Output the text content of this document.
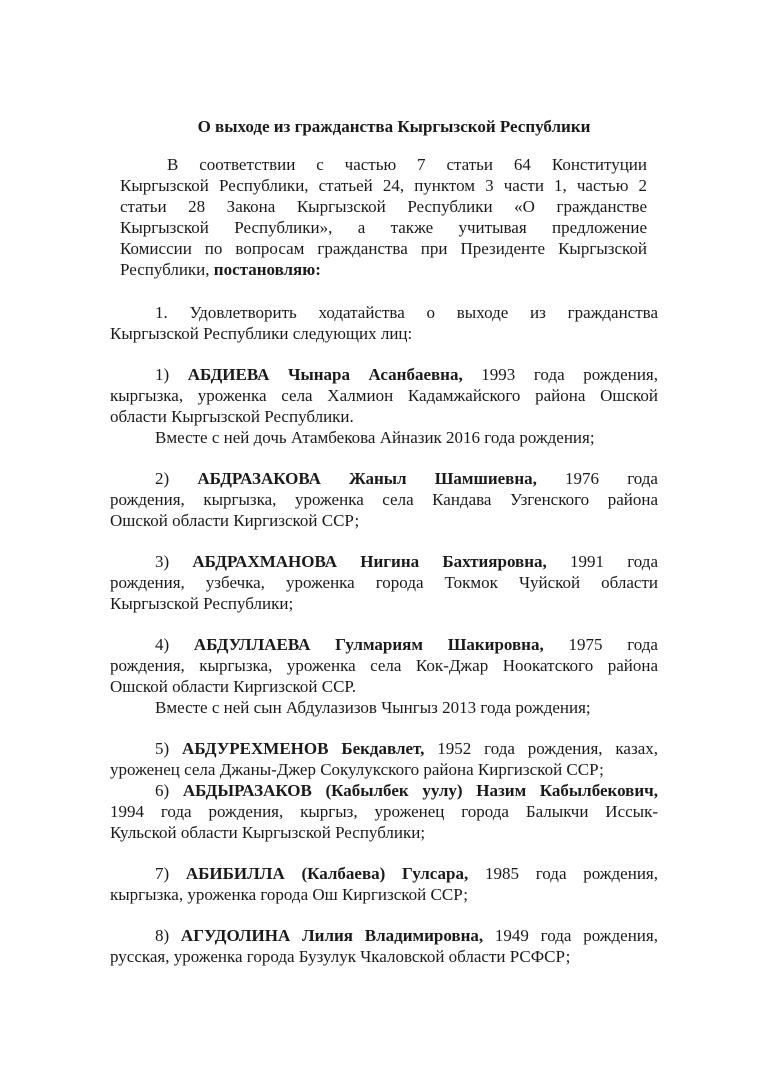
О выходе из гражданства Кыргызской Республики
В соответствии с частью 7 статьи 64 Конституции
Кыргызской Республики, статьей 24, пунктом 3 части 1, частью 2
статьи 28 Закона Кыргызской Республики «О гражданстве
Кыргызской Республики», а также учитывая предложение
Комиссии по вопросам гражданства при Президенте Кыргызской
Республики, постановляю:
1. Удовлетворить ходатайства о выходе из гражданства
Кыргызской Республики следующих лиц:
1) АБДИЕВА Чынара Асанбаевна, 1993 года рождения,
кыргызка, уроженка села Халмион Кадамжайского района Ошской
области Кыргызской Республики.
Вместе с ней дочь Атамбекова Айназик 2016 года рождения;
2) АБДРАЗАКОВА Жаныл Шамшиевна, 1976 года
рождения, кыргызка, уроженка села Кандава Узгенского района
Ошской области Киргизской ССР;
3) АБДРАХМАНОВА Нигина Бахтияровна, 1991 года
рождения, узбечка, уроженка города Токмок Чуйской области
Кыргызской Республики;
4) АБДУЛЛАЕВА Гулмариям Шакировна, 1975 года
рождения, кыргызка, уроженка села Кок-Джар Ноокатского района
Ошской области Киргизской ССР.
Вместе с ней сын Абдулазизов Чынгыз 2013 года рождения;
5) АБДУРЕХМЕНОВ Бекдавлет, 1952 года рождения, казах,
уроженец села Джаны-Джер Сокулукского района Киргизской ССР;
6) АБДЫРАЗАКОВ (Кабылбек уулу) Назим Кабылбекович,
1994 года рождения, кыргыз, уроженец города Балыкчи Иссык-
Кульской области Кыргызской Республики;
7) АБИБИЛЛА (Калбаева) Гулсара, 1985 года рождения,
кыргызка, уроженка города Ош Киргизской ССР;
8) АГУДОЛИНА Лилия Владимировна, 1949 года рождения,
русская, уроженка города Бузулук Чкаловской области РСФСР;
